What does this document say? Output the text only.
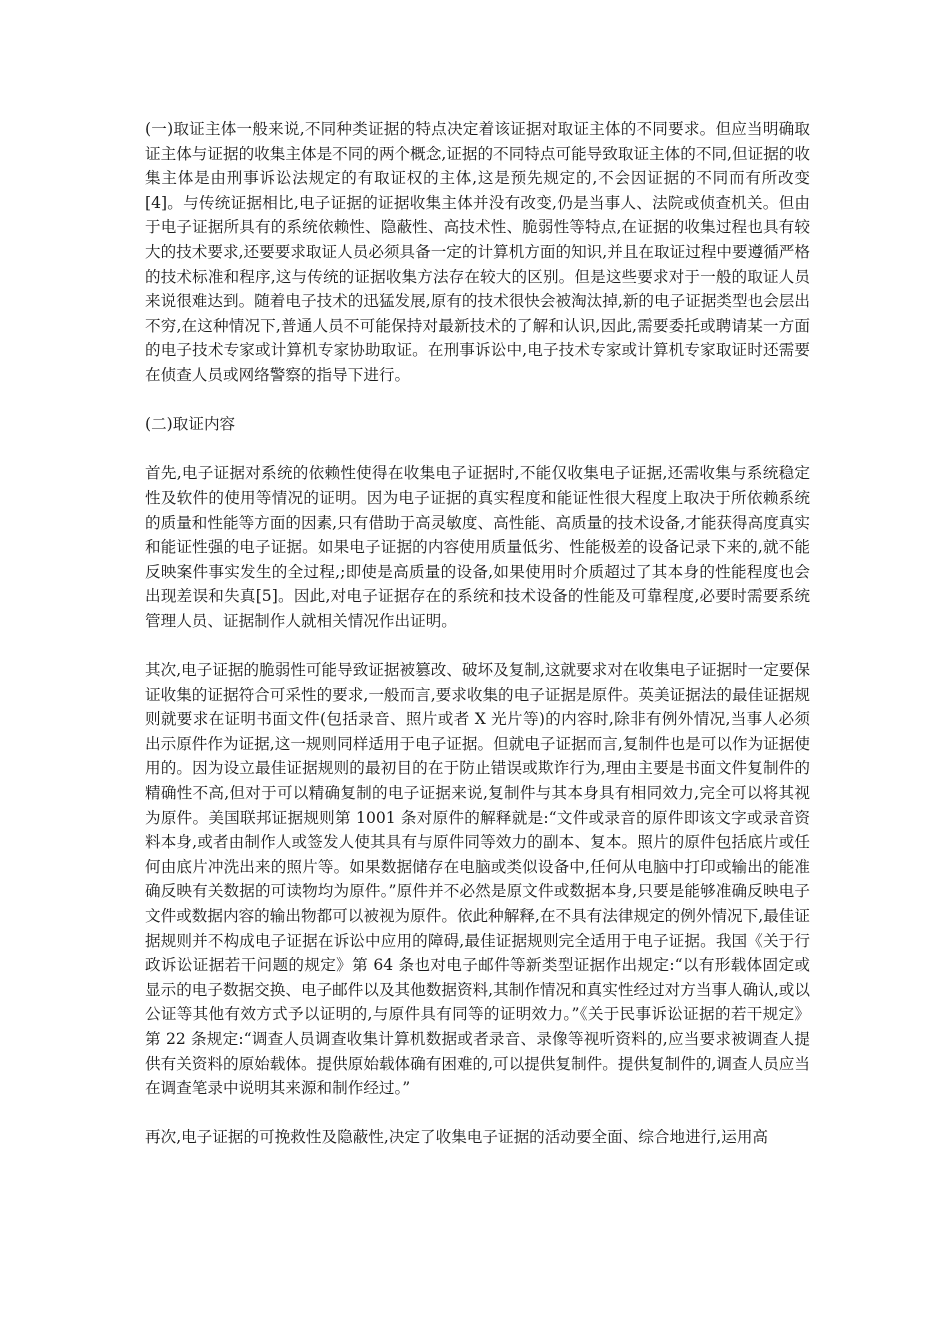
(一)取证主体一般来说,不同种类证据的特点决定着该证据对取证主体的不同要求。但应当明确取证主体与证据的收集主体是不同的两个概念,证据的不同特点可能导致取证主体的不同,但证据的收集主体是由刑事诉讼法规定的有取证权的主体,这是预先规定的,不会因证据的不同而有所改变[4]。与传统证据相比,电子证据的证据收集主体并没有改变,仍是当事人、法院或侦查机关。但由于电子证据所具有的系统依赖性、隐蔽性、高技术性、脆弱性等特点,在证据的收集过程也具有较大的技术要求,还要要求取证人员必须具备一定的计算机方面的知识,并且在取证过程中要遵循严格的技术标准和程序,这与传统的证据收集方法存在较大的区别。但是这些要求对于一般的取证人员来说很难达到。随着电子技术的迅猛发展,原有的技术很快会被淘汰掉,新的电子证据类型也会层出不穷,在这种情况下,普通人员不可能保持对最新技术的了解和认识,因此,需要委托或聘请某一方面的电子技术专家或计算机专家协助取证。在刑事诉讼中,电子技术专家或计算机专家取证时还需要在侦查人员或网络警察的指导下进行。

(二)取证内容

首先,电子证据对系统的依赖性使得在收集电子证据时,不能仅收集电子证据,还需收集与系统稳定性及软件的使用等情况的证明。因为电子证据的真实程度和能证性很大程度上取决于所依赖系统的质量和性能等方面的因素,只有借助于高灵敏度、高性能、高质量的技术设备,才能获得高度真实和能证性强的电子证据。如果电子证据的内容使用质量低劣、性能极差的设备记录下来的,就不能反映案件事实发生的全过程,;即使是高质量的设备,如果使用时介质超过了其本身的性能程度也会出现差误和失真[5]。因此,对电子证据存在的系统和技术设备的性能及可靠程度,必要时需要系统管理人员、证据制作人就相关情况作出证明。

其次,电子证据的脆弱性可能导致证据被篡改、破坏及复制,这就要求对在收集电子证据时一定要保证收集的证据符合可采性的要求,一般而言,要求收集的电子证据是原件。英美证据法的最佳证据规则就要求在证明书面文件(包括录音、照片或者 X 光片等)的内容时,除非有例外情况,当事人必须出示原件作为证据,这一规则同样适用于电子证据。但就电子证据而言,复制件也是可以作为证据使用的。因为设立最佳证据规则的最初目的在于防止错误或欺诈行为,理由主要是书面文件复制件的精确性不高,但对于可以精确复制的电子证据来说,复制件与其本身具有相同效力,完全可以将其视为原件。美国联邦证据规则第 1001 条对原件的解释就是:“文件或录音的原件即该文字或录音资料本身,或者由制作人或签发人使其具有与原件同等效力的副本、复本。照片的原件包括底片或任何由底片冲洗出来的照片等。如果数据储存在电脑或类似设备中,任何从电脑中打印或输出的能准确反映有关数据的可读物均为原件。”原件并不必然是原文件或数据本身,只要是能够准确反映电子文件或数据内容的输出物都可以被视为原件。依此种解释,在不具有法律规定的例外情况下,最佳证据规则并不构成电子证据在诉讼中应用的障碍,最佳证据规则完全适用于电子证据。我国《关于行政诉讼证据若干问题的规定》第 64 条也对电子邮件等新类型证据作出规定:“以有形载体固定或显示的电子数据交换、电子邮件以及其他数据资料,其制作情况和真实性经过对方当事人确认,或以公证等其他有效方式予以证明的,与原件具有同等的证明效力。”《关于民事诉讼证据的若干规定》第 22 条规定:“调查人员调查收集计算机数据或者录音、录像等视听资料的,应当要求被调查人提供有关资料的原始载体。提供原始载体确有困难的,可以提供复制件。提供复制件的,调查人员应当在调查笔录中说明其来源和制作经过。”

再次,电子证据的可挽救性及隐蔽性,决定了收集电子证据的活动要全面、综合地进行,运用高
